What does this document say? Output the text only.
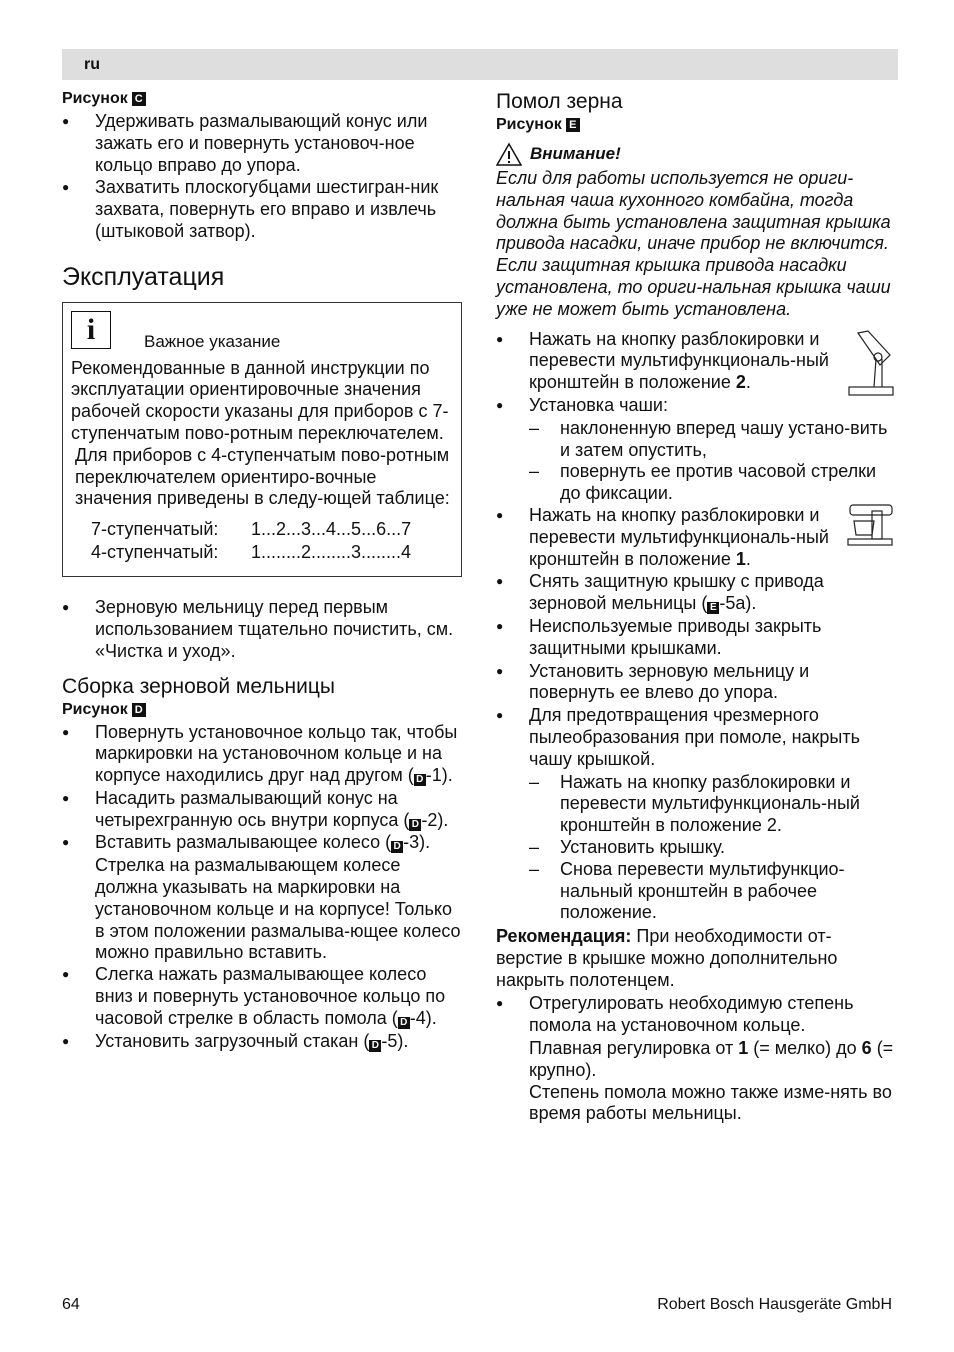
ru
Рисунок C
● Удерживать размалывающий конус или зажать его и повернуть установоч-ное кольцо вправо до упора.
● Захватить плоскогубцами шестигран-ник захвата, повернуть его вправо и извлечь (штыковой затвор).
Эксплуатация
i	Важное указание
Рекомендованные в данной инструкции по эксплуатации ориентировочные значения рабочей скорости указаны для приборов с 7-ступенчатым пово-ротным переключателем.
Для приборов с 4-ступенчатым пово-ротным переключателем ориентиро-вочные значения приведены в следу-ющей таблице:
7-ступенчатый: 1...2...3...4...5...6...7
4-ступенчатый: 1........2........3........4
● Зерновую мельницу перед первым использованием тщательно почистить, см. «Чистка и уход».
Сборка зерновой мельницы
Рисунок D
● Повернуть установочное кольцо так, чтобы маркировки на установочном кольце и на корпусе находились друг над другом ( D -1).
● Насадить размалывающий конус на четырехгранную ось внутри корпуса ( D -2).
● Вставить размалывающее колесо ( D -3).
Стрелка на размалывающем колесе должна указывать на маркировки на установочном кольце и на корпусе! Только в этом положении размалыва-ющее колесо можно правильно вставить.
● Слегка нажать размалывающее колесо вниз и повернуть установочное кольцо по часовой стрелке в область помола ( D -4).
● Установить загрузочный стакан ( D -5).
Помол зерна
Рисунок E
Внимание!
Если для работы используется не ориги-нальная чаша кухонного комбайна, тогда должна быть установлена защитная крышка привода насадки, иначе прибор не включится. Если защитная крышка привода насадки установлена, то ориги-нальная крышка чаши уже не может быть установлена.
● Нажать на кнопку разблокировки и перевести мультифункциональ-ный кронштейн в положение 2.
● Установка чаши:
– наклоненную вперед чашу устано-вить и затем опустить,
– повернуть ее против часовой стрелки до фиксации.
● Нажать на кнопку разблокировки и перевести мультифункциональ-ный кронштейн в положение 1.
● Снять защитную крышку с привода зерновой мельницы ( E -5a).
● Неиспользуемые приводы закрыть защитными крышками.
● Установить зерновую мельницу и повернуть ее влево до упора.
● Для предотвращения чрезмерного пылеобразования при помоле, накрыть чашу крышкой.
– Нажать на кнопку разблокировки и перевести мультифункциональ-ный кронштейн в положение 2.
– Установить крышку.
– Снова перевести мультифункцио-нальный кронштейн в рабочее положение.
Рекомендация: При необходимости от-верстие в крышке можно дополнительно накрыть полотенцем.
● Отрегулировать необходимую степень помола на установочном кольце.
Плавная регулировка от 1 (= мелко) до 6 (= крупно).
Степень помола можно также изме-нять во время работы мельницы.
64	Robert Bosch Hausgeräte GmbH
